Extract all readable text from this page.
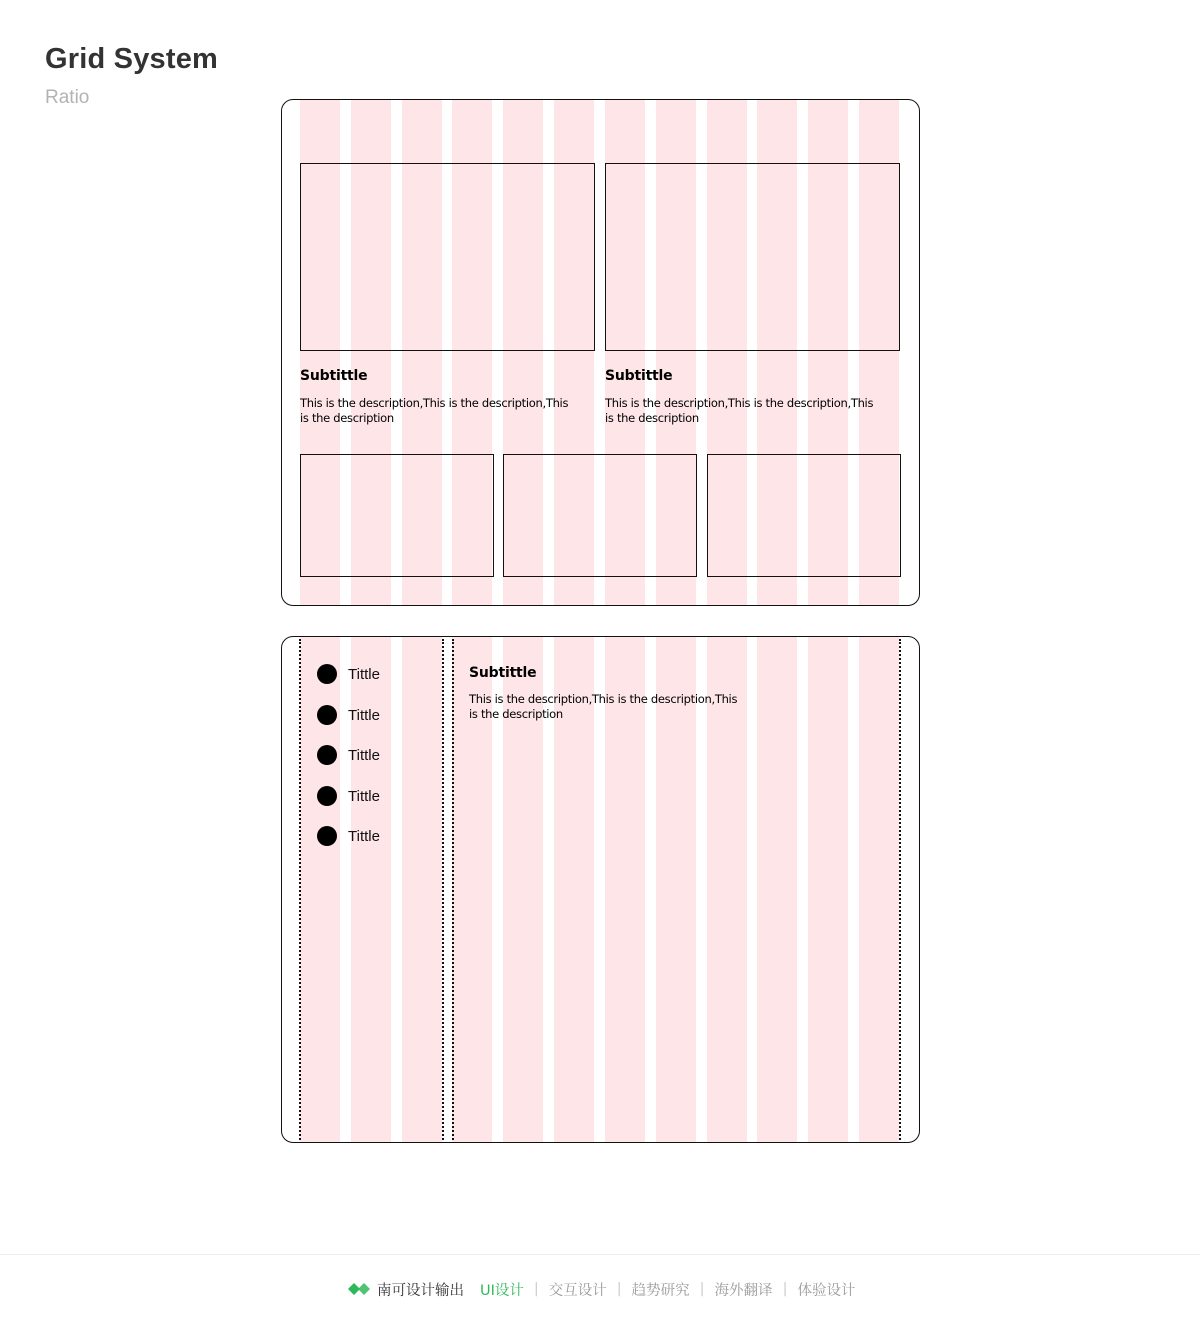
Grid System
Ratio
Subtittle
This is the description,This is the description,This is the description
Subtittle
This is the description,This is the description,This is the description
Tittle
Tittle
Tittle
Tittle
Tittle
Subtittle
This is the description,This is the description,This is the description
南可设计输出 UI设计 | 交互设计 | 趋势研究 | 海外翻译 | 体验设计
